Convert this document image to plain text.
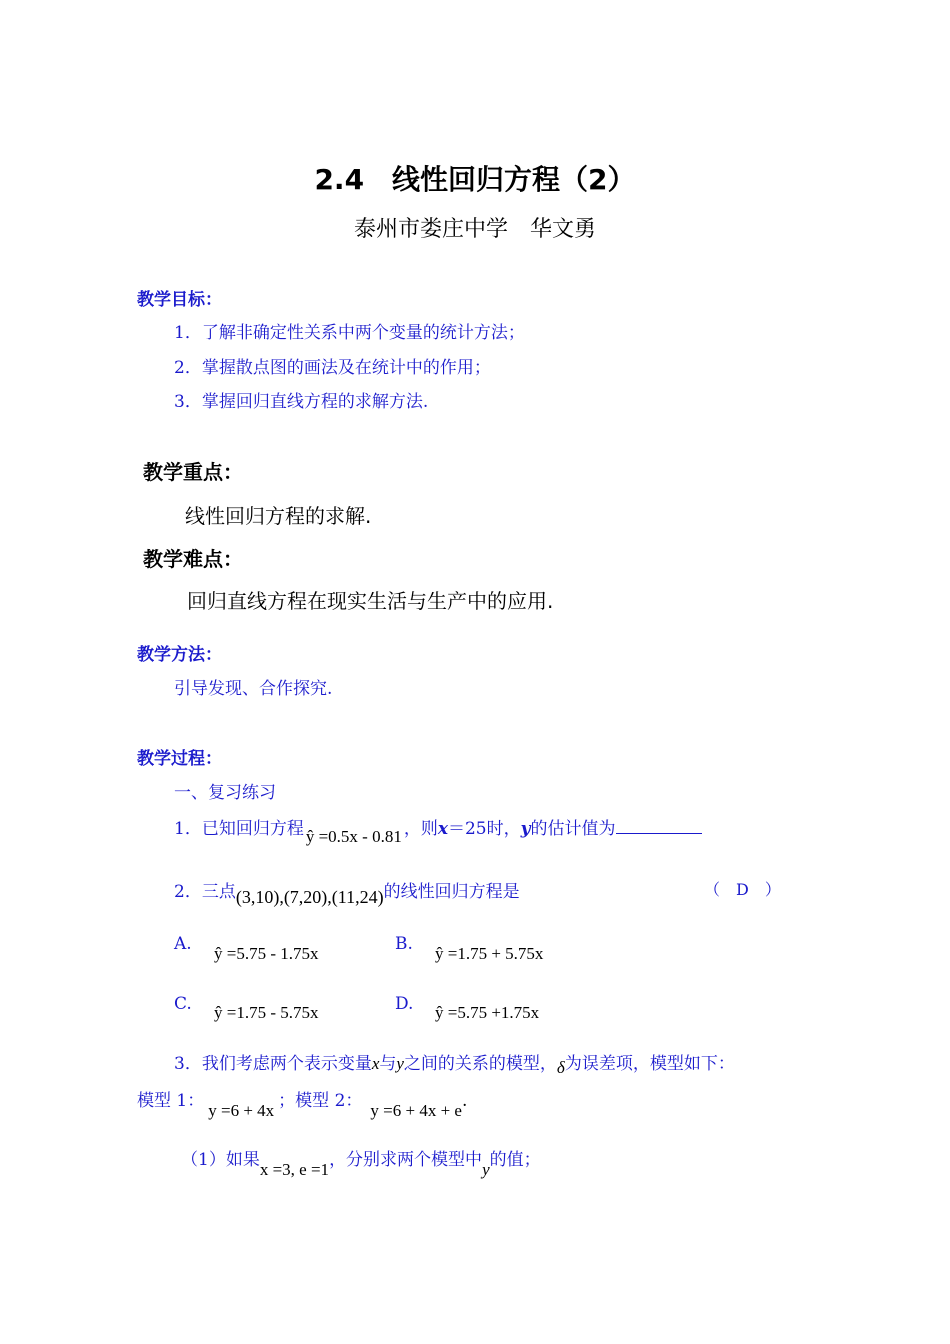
2.4　线性回归方程（2）
泰州市娄庄中学　华文勇
教学目标：
1．了解非确定性关系中两个变量的统计方法；
2．掌握散点图的画法及在统计中的作用；
3．掌握回归直线方程的求解方法.
教学重点：
线性回归方程的求解.
教学难点：
回归直线方程在现实生活与生产中的应用.
教学方法：
引导发现、合作探究.
教学过程：
一、复习练习
1．已知回归方程 ŷ =0.5x - 0.81 ，则x＝25时，y的估计值为
2．三点(3,10),(7,20),(11,24)的线性回归方程是	（　D　）
A. ŷ =5.75 - 1.75x	B. ŷ =1.75 + 5.75x
C. ŷ =1.75 - 5.75x	D. ŷ =5.75 +1.75x
3．我们考虑两个表示变量x与y之间的关系的模型，δ为误差项，模型如下：
模型 1： y =6 + 4x ；模型 2： y =6 + 4x + e.
（1）如果x =3, e =1，分别求两个模型中y的值；
